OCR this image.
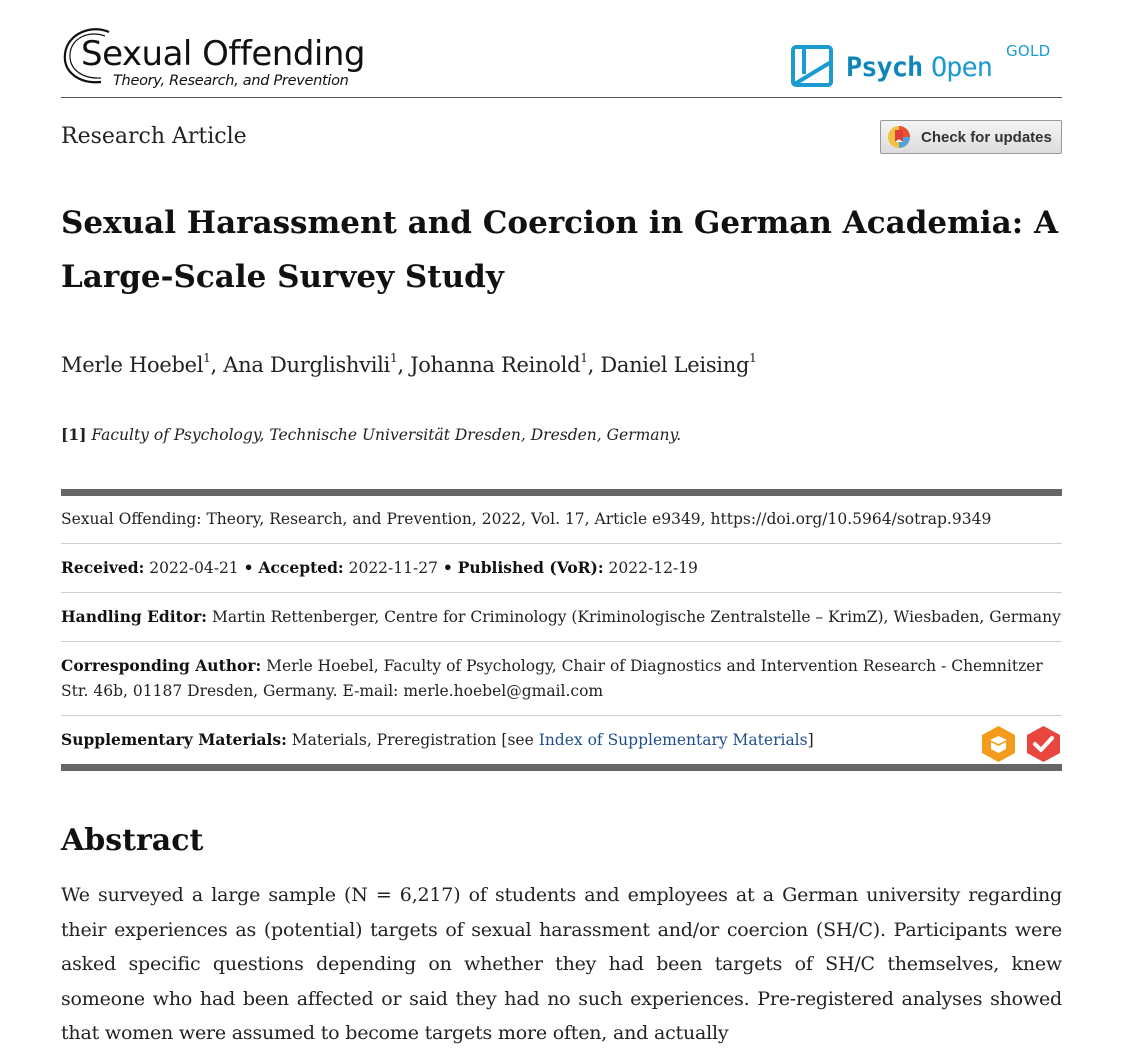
Sexual Offending
Theory, Research, and Prevention	Psych Open
GOLD
Research Article	Check for updates
Sexual Harassment and Coercion in German Academia: A Large-Scale Survey Study
Merle Hoebel$^1$, Ana Durglishvili$^1$, Johanna Reinold$^1$, Daniel Leising$^1$
[1] Faculty of Psychology, Technische Universität Dresden, Dresden, Germany.
Sexual Offending: Theory, Research, and Prevention, 2022, Vol. 17, Article e9349, https://doi.org/10.5964/sotrap.9349
Received: 2022-04-21 • Accepted: 2022-11-27 • Published (VoR): 2022-12-19
Handling Editor: Martin Rettenberger, Centre for Criminology (Kriminologische Zentralstelle – KrimZ), Wiesbaden, Germany
Corresponding Author: Merle Hoebel, Faculty of Psychology, Chair of Diagnostics and Intervention Research - Chemnitzer Str. 46b, 01187 Dresden, Germany. E-mail: merle.hoebel@gmail.com
Supplementary Materials: Materials, Preregistration [see Index of Supplementary Materials]
Abstract

We surveyed a large sample (N = 6,217) of students and employees at a German university regarding their experiences as (potential) targets of sexual harassment and/or coercion (SH/C). Participants were asked specific questions depending on whether they had been targets of SH/C themselves, knew someone who had been affected or said they had no such experiences. Pre-registered analyses showed that women were assumed to become targets more often, and actually
